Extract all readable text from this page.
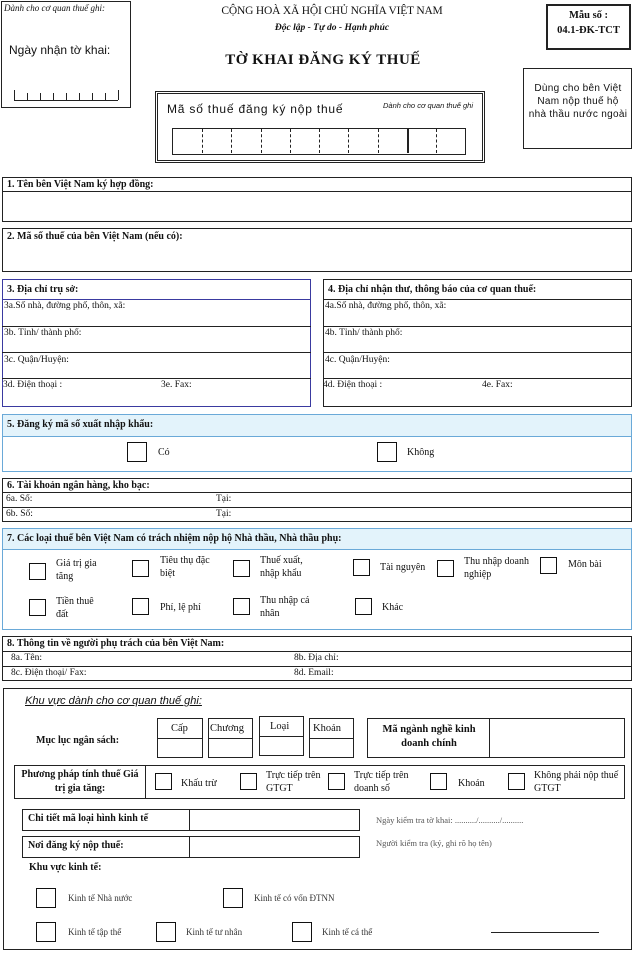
Dành cho cơ quan thuế ghi:
Ngày nhận tờ khai:
CỘNG HOÀ XÃ HỘI CHỦ NGHĨA VIỆT NAM
Độc lập - Tự do - Hạnh phúc
TỜ KHAI ĐĂNG KÝ THUẾ
Mẫu số :
04.1-ĐK-TCT
Dùng cho bên Việt Nam nộp thuế hộ nhà thầu nước ngoài
Mã số thuế đăng ký nộp thuế	Dành cho cơ quan thuế ghi
1. Tên bên Việt Nam ký hợp đồng:
2. Mã số thuế của bên Việt Nam (nếu có):
3. Địa chỉ trụ sở:
3a.Số nhà, đường phố, thôn, xã:
3b. Tỉnh/ thành phố:
3c. Quận/Huyện:
3d. Điện thoại :	3e. Fax:
4. Địa chỉ nhận thư, thông báo của cơ quan thuế:
4a.Số nhà, đường phố, thôn, xã:
4b. Tỉnh/ thành phố:
4c. Quận/Huyện:
4d. Điện thoại :	4e. Fax:
5. Đăng ký mã số xuất nhập khẩu:
Có	Không
6. Tài khoản ngân hàng, kho bạc:
6a. Số:	Tại:
6b. Số:	Tại:
7. Các loại thuế bên Việt Nam có trách nhiệm nộp hộ Nhà thầu, Nhà thầu phụ:
Giá trị gia tăng
Tiêu thụ đặc biệt
Thuế xuất, nhập khẩu
Tài nguyên
Thu nhập doanh nghiệp
Môn bài
Tiền thuê đất
Phí, lệ phí
Thu nhập cá nhân
Khác
8. Thông tin về người phụ trách của bên Việt Nam:
8a. Tên:	8b. Địa chỉ:
8c. Điện thoại/ Fax:	8d. Email:
Khu vực dành cho cơ quan thuế ghi:
Mục lục ngân sách:
Cấp Chương Loại Khoản	Mã ngành nghề kinh doanh chính
Phương pháp tính thuế Giá trị gia tăng:	Khấu trừ
Trực tiếp trên GTGT
Trực tiếp trên doanh số	Khoán
Không phải nộp thuế GTGT
Chi tiết mã loại hình kinh tế
Nơi đăng ký nộp thuế:
Ngày kiểm tra tờ khai: ........../........../..........
Người kiểm tra (ký, ghi rõ họ tên)
Khu vực kinh tế:
Kinh tế Nhà nước	Kinh tế có vốn ĐTNN
Kinh tế tập thể	Kinh tế tư nhân	Kinh tế cá thể
